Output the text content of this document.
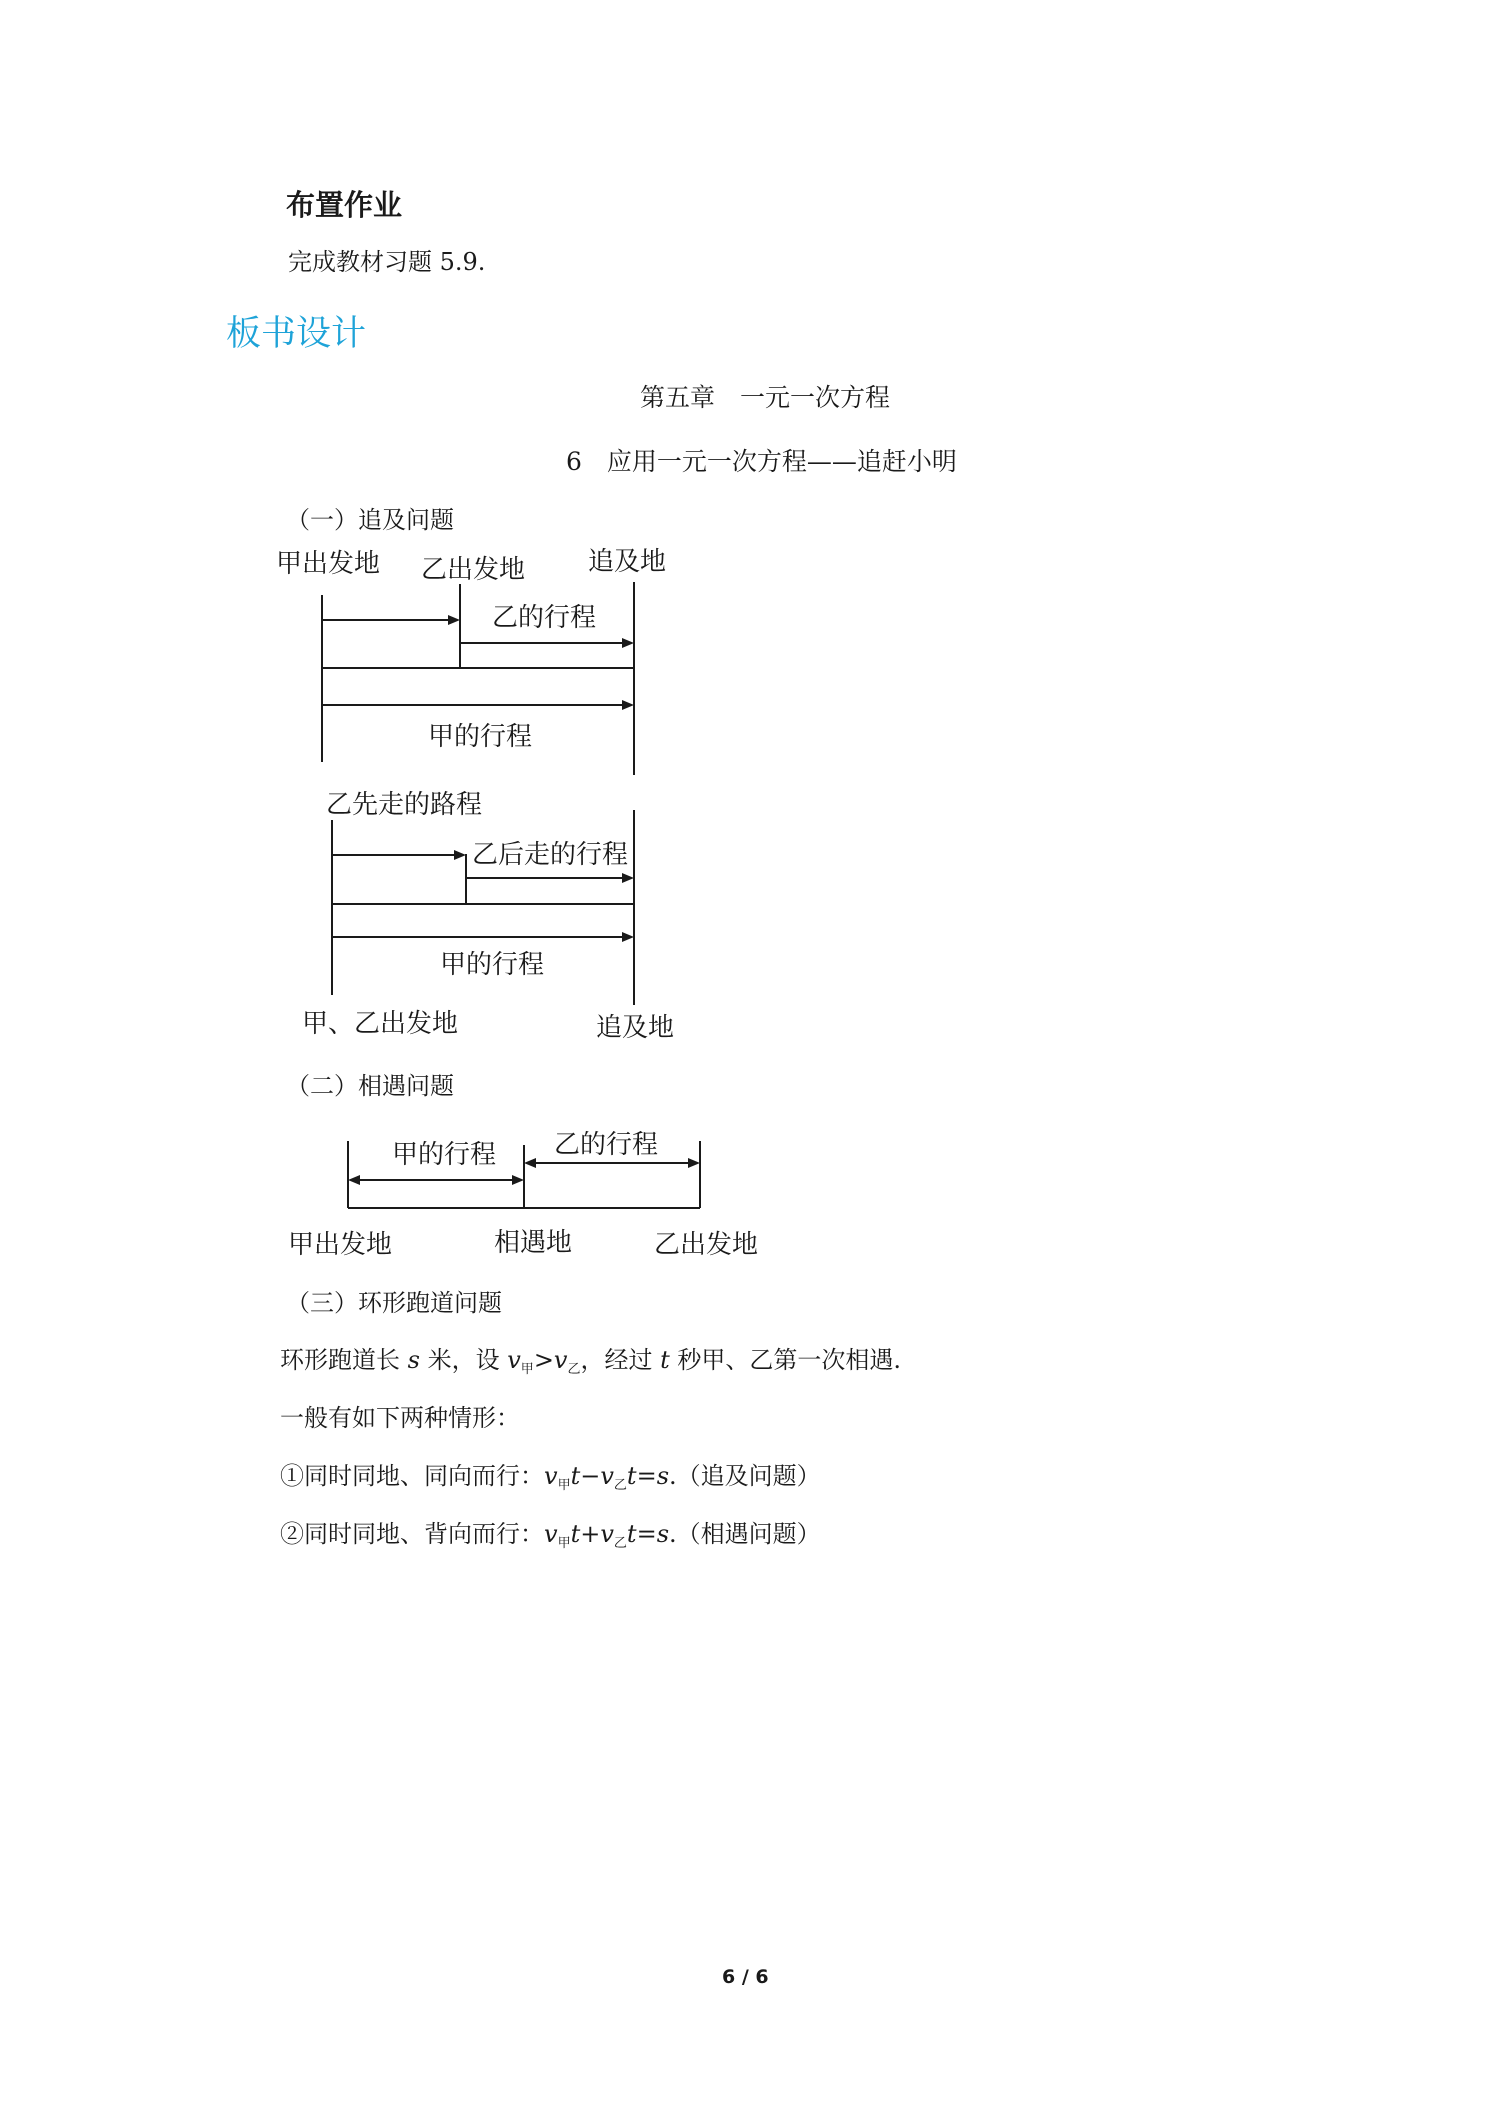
布置作业
完成教材习题 5.9.
板书设计
第五章　一元一次方程
6　应用一元一次方程——追赶小明
（一）追及问题
甲出发地 乙出发地 追及地
乙的行程
甲的行程
乙先走的路程
乙后走的行程
甲的行程
甲、乙出发地	追及地
（二）相遇问题
甲的行程 乙的行程
甲出发地	相遇地	乙出发地
（三）环形跑道问题
环形跑道长 s 米，设 $v_甲>v_乙$，经过 t 秒甲、乙第一次相遇.
一般有如下两种情形：
①同时同地、同向而行：$v_甲t-v_乙t=s$.（追及问题）
②同时同地、背向而行：$v_甲t+v_乙t=s$.（相遇问题）
6 / 6
